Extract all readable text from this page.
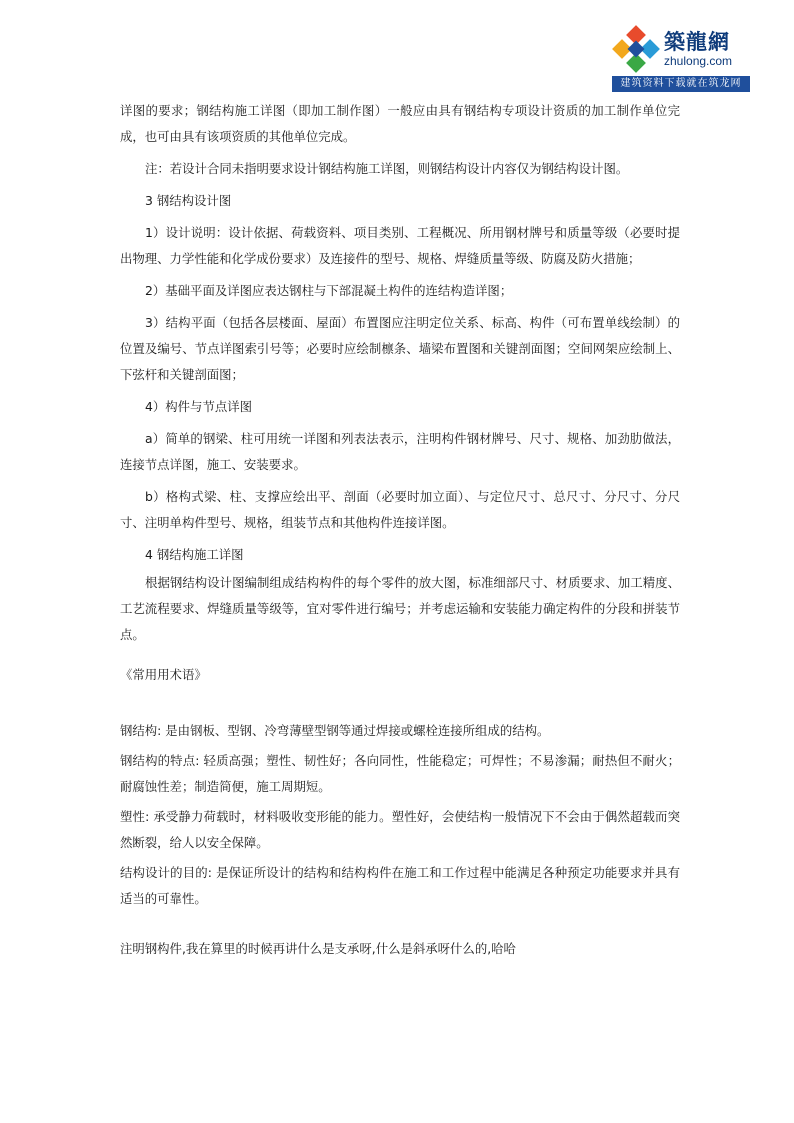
築龍網
zhulong.com
建筑资料下载就在筑龙网
详图的要求；钢结构施工详图（即加工制作图）一般应由具有钢结构专项设计资质的加工制作单位完成，也可由具有该项资质的其他单位完成。
注：若设计合同未指明要求设计钢结构施工详图，则钢结构设计内容仅为钢结构设计图。
3 钢结构设计图
1）设计说明：设计依据、荷载资料、项目类别、工程概况、所用钢材牌号和质量等级（必要时提出物理、力学性能和化学成份要求）及连接件的型号、规格、焊缝质量等级、防腐及防火措施；
2）基础平面及详图应表达钢柱与下部混凝土构件的连结构造详图；
3）结构平面（包括各层楼面、屋面）布置图应注明定位关系、标高、构件（可布置单线绘制）的位置及编号、节点详图索引号等；必要时应绘制檩条、墙梁布置图和关键剖面图；空间网架应绘制上、下弦杆和关键剖面图；
4）构件与节点详图
a）简单的钢梁、柱可用统一详图和列表法表示，注明构件钢材牌号、尺寸、规格、加劲肋做法，连接节点详图，施工、安装要求。
b）格构式梁、柱、支撑应绘出平、剖面（必要时加立面）、与定位尺寸、总尺寸、分尺寸、分尺寸、注明单构件型号、规格，组装节点和其他构件连接详图。
4 钢结构施工详图
根据钢结构设计图编制组成结构构件的每个零件的放大图，标准细部尺寸、材质要求、加工精度、工艺流程要求、焊缝质量等级等，宜对零件进行编号；并考虑运输和安装能力确定构件的分段和拼装节点。
《常用用术语》
钢结构: 是由钢板、型钢、冷弯薄壁型钢等通过焊接或螺栓连接所组成的结构。
钢结构的特点: 轻质高强；塑性、韧性好；各向同性，性能稳定；可焊性；不易渗漏；耐热但不耐火；耐腐蚀性差；制造简便，施工周期短。
塑性: 承受静力荷载时，材料吸收变形能的能力。塑性好，会使结构一般情况下不会由于偶然超载而突然断裂，给人以安全保障。
结构设计的目的: 是保证所设计的结构和结构构件在施工和工作过程中能满足各种预定功能要求并具有适当的可靠性。
注明钢构件,我在算里的时候再讲什么是支承呀,什么是斜承呀什么的,哈哈
